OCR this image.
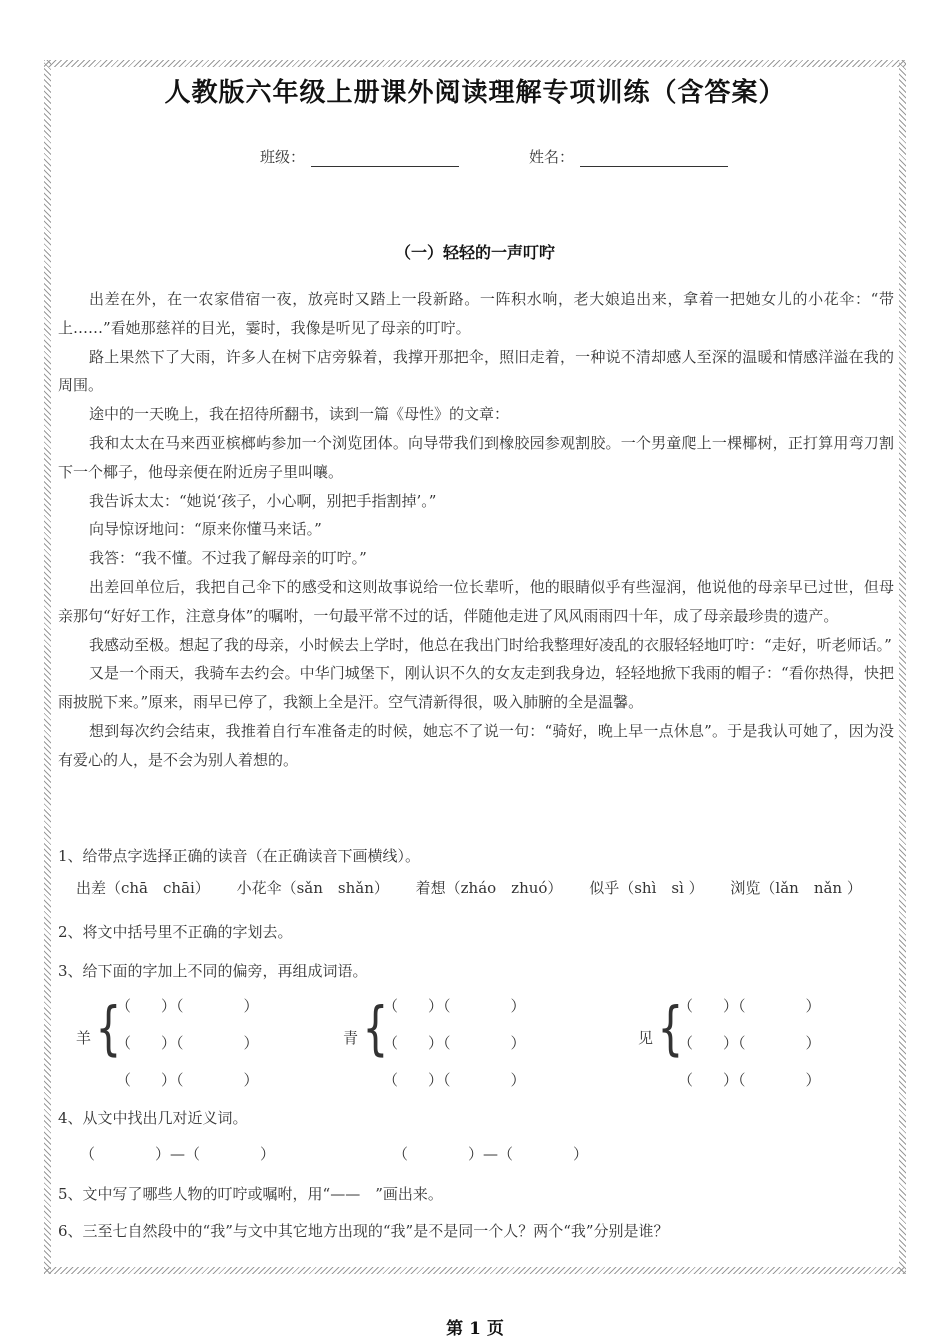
人教版六年级上册课外阅读理解专项训练（含答案）
班级：	姓名：
（一）轻轻的一声叮咛

出差在外，在一农家借宿一夜，放亮时又踏上一段新路。一阵积水响，老大娘追出来，拿着一把她女儿的小花伞：“带上……”看她那慈祥的目光，霎时，我像是听见了母亲的叮咛。

路上果然下了大雨，许多人在树下店旁躲着，我撑开那把伞，照旧走着，一种说不清却感人至深的温暖和情感洋溢在我的周围。

途中的一天晚上，我在招待所翻书，读到一篇《母性》的文章：

我和太太在马来西亚槟榔屿参加一个浏览团体。向导带我们到橡胶园参观割胶。一个男童爬上一棵椰树，正打算用弯刀割下一个椰子，他母亲便在附近房子里叫嚷。

我告诉太太：“她说‘孩子，小心啊，别把手指割掉’。”

向导惊讶地问：“原来你懂马来话。”

我答：“我不懂。不过我了解母亲的叮咛。”

出差回单位后，我把自己伞下的感受和这则故事说给一位长辈听，他的眼睛似乎有些湿润，他说他的母亲早已过世，但母亲那句“好好工作，注意身体”的嘱咐，一句最平常不过的话，伴随他走进了风风雨雨四十年，成了母亲最珍贵的遗产。

我感动至极。想起了我的母亲，小时候去上学时，他总在我出门时给我整理好凌乱的衣服轻轻地叮咛：“走好，听老师话。”

又是一个雨天，我骑车去约会。中华门城堡下，刚认识不久的女友走到我身边，轻轻地掀下我雨的帽子：“看你热得，快把雨披脱下来。”原来，雨早已停了，我额上全是汗。空气清新得很，吸入肺腑的全是温馨。

想到每次约会结束，我推着自行车准备走的时候，她忘不了说一句：“骑好，晚上早一点休息”。于是我认可她了，因为没有爱心的人，是不会为别人着想的。

1、给带点字选择正确的读音（在正确读音下画横线）。
出差（chā　chāi） 小花伞（sǎn　shǎn） 着想（zháo　zhuó） 似乎（shì　sì ） 浏览（lǎn　nǎn ）
2、将文中括号里不正确的字划去。
3、给下面的字加上不同的偏旁，再组成词语。
羊 {
（　　）（　　　　）
（　　）（　　　　）
（　　）（　　　　）
青 {
（　　）（　　　　）
（　　）（　　　　）
（　　）（　　　　）
见 {
（　　）（　　　　）
（　　）（　　　　）
（　　）（　　　　）
4、从文中找出几对近义词。
（　　　　）—（　　　　）	（　　　　）—（　　　　）
5、文中写了哪些人物的叮咛或嘱咐，用“——　”画出来。
6、三至七自然段中的“我”与文中其它地方出现的“我”是不是同一个人？两个“我”分别是谁？
第 1 页
